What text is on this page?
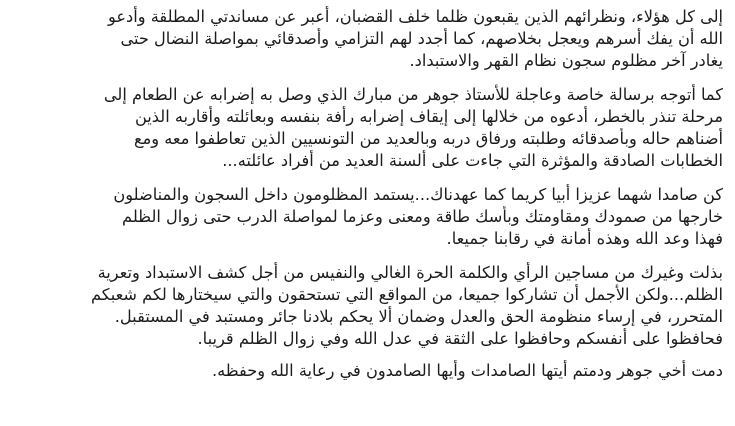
إلى كل هؤلاء، ونظرائهم الذين يقبعون ظلما خلف القضبان، أعبر عن مساندتي المطلقة وأدعو
الله أن يفك أسرهم ويعجل بخلاصهم، كما أجدد لهم التزامي وأصدقائي بمواصلة النضال حتى
يغادر آخر مظلوم سجون نظام القهر والاستبداد.

كما أتوجه برسالة خاصة وعاجلة للأستاذ جوهر من مبارك الذي وصل به إضرابه عن الطعام إلى
مرحلة تنذر بالخطر، أدعوه من خلالها إلى إيقاف إضرابه رأفة بنفسه وبعائلته وأقاربه الذين
أضناهم حاله وبأصدقائه وطلبته ورفاق دربه وبالعديد من التونسيين الذين تعاطفوا معه ومع
الخطابات الصادقة والمؤثرة التي جاءت على ألسنة العديد من أفراد عائلته...

كن صامدا شهما عزيزا أبيا كريما كما عهدناك...يستمد المظلومون داخل السجون والمناضلون
خارجها من صمودك ومقاومتك وبأسك طاقة ومعنى وعزما لمواصلة الدرب حتى زوال الظلم
فهذا وعد الله وهذه أمانة في رقابنا جميعا.

بذلت وغيرك من مساجين الرأي والكلمة الحرة الغالي والنفيس من أجل كشف الاستبداد وتعرية
الظلم...ولكن الأجمل أن تشاركوا جميعا، من المواقع التي تستحقون والتي سيختارها لكم شعبكم
المتحرر، في إرساء منظومة الحق والعدل وضمان ألا يحكم بلادنا جائر ومستبد في المستقبل.
فحافظوا على أنفسكم وحافظوا على الثقة في عدل الله وفي زوال الظلم قريبا.

دمت أخي جوهر ودمتم أيتها الصامدات وأيها الصامدون في رعاية الله وحفظه.
